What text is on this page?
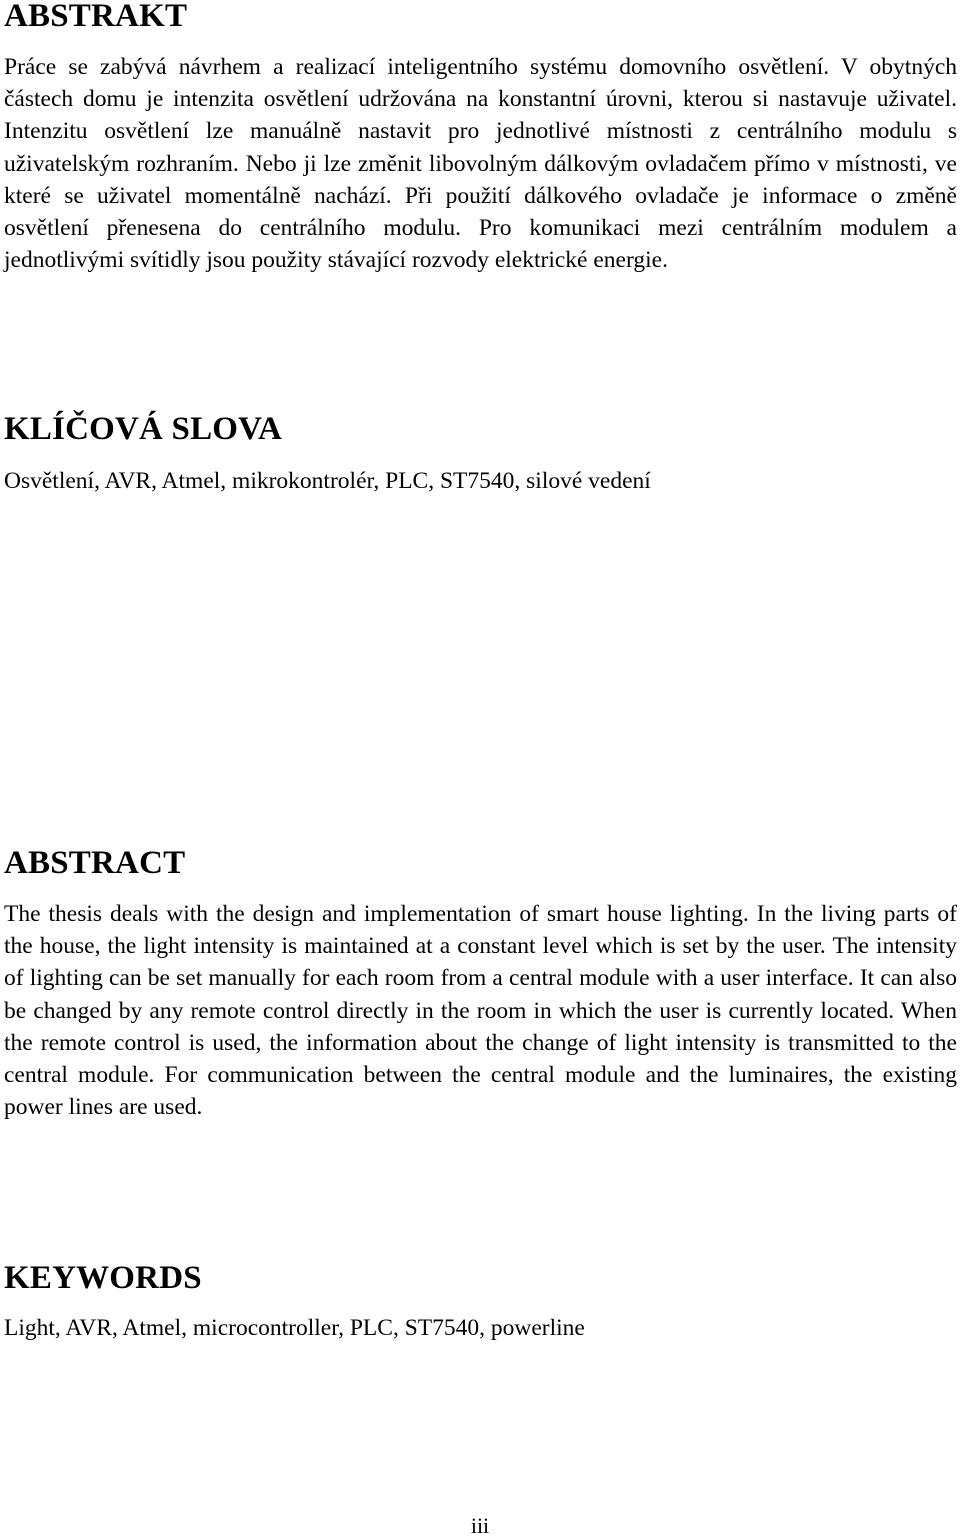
ABSTRAKT

Práce se zabývá návrhem a realizací inteligentního systému domovního osvětlení. V obytných částech domu je intenzita osvětlení udržována na konstantní úrovni, kterou si nastavuje uživatel. Intenzitu osvětlení lze manuálně nastavit pro jednotlivé místnosti z centrálního modulu s uživatelským rozhraním. Nebo ji lze změnit libovolným dálkovým ovladačem přímo v místnosti, ve které se uživatel momentálně nachází. Při použití dálkového ovladače je informace o změně osvětlení přenesena do centrálního modulu. Pro komunikaci mezi centrálním modulem a jednotlivými svítidly jsou použity stávající rozvody elektrické energie.

KLÍČOVÁ SLOVA

Osvětlení, AVR, Atmel, mikrokontrolér, PLC, ST7540, silové vedení

ABSTRACT

The thesis deals with the design and implementation of smart house lighting. In the living parts of the house, the light intensity is maintained at a constant level which is set by the user. The intensity of lighting can be set manually for each room from a central module with a user interface. It can also be changed by any remote control directly in the room in which the user is currently located. When the remote control is used, the information about the change of light intensity is transmitted to the central module. For communication between the central module and the luminaires, the existing power lines are used.

KEYWORDS

Light, AVR, Atmel, microcontroller, PLC, ST7540, powerline

iii
